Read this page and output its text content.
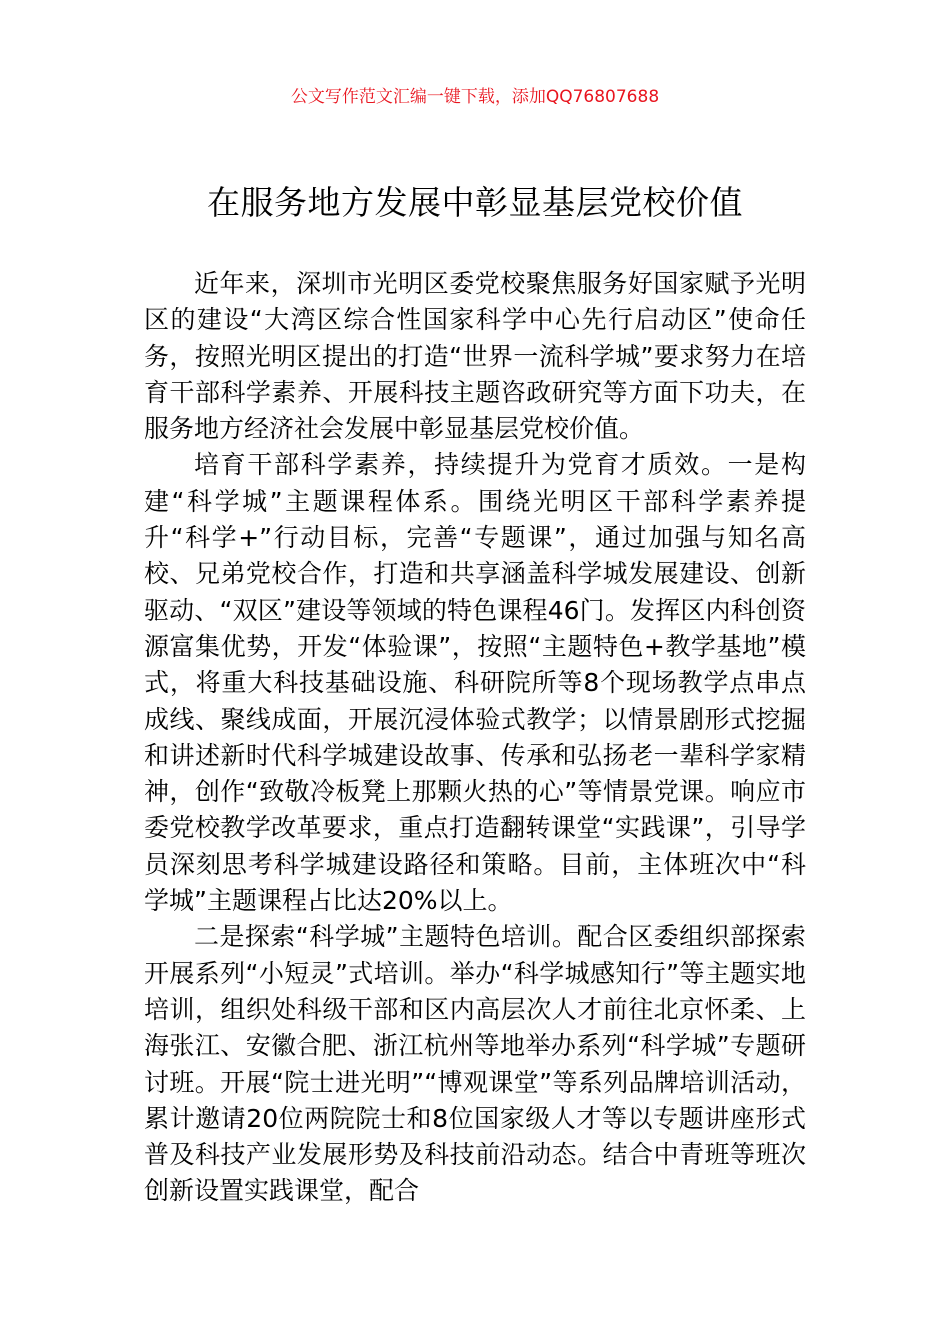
公文写作范文汇编一键下载，添加QQ76807688
在服务地方发展中彰显基层党校价值

近年来，深圳市光明区委党校聚焦服务好国家赋予光明区的建设“大湾区综合性国家科学中心先行启动区”使命任务，按照光明区提出的打造“世界一流科学城”要求努力在培育干部科学素养、开展科技主题咨政研究等方面下功夫，在服务地方经济社会发展中彰显基层党校价值。

培育干部科学素养，持续提升为党育才质效。一是构建“科学城”主题课程体系。围绕光明区干部科学素养提升“科学+”行动目标，完善“专题课”，通过加强与知名高校、兄弟党校合作，打造和共享涵盖科学城发展建设、创新驱动、“双区”建设等领域的特色课程46门。发挥区内科创资源富集优势，开发“体验课”，按照“主题特色+教学基地”模式，将重大科技基础设施、科研院所等8个现场教学点串点成线、聚线成面，开展沉浸体验式教学；以情景剧形式挖掘和讲述新时代科学城建设故事、传承和弘扬老一辈科学家精神，创作“致敬冷板凳上那颗火热的心”等情景党课。响应市委党校教学改革要求，重点打造翻转课堂“实践课”，引导学员深刻思考科学城建设路径和策略。目前，主体班次中“科学城”主题课程占比达20%以上。

二是探索“科学城”主题特色培训。配合区委组织部探索开展系列“小短灵”式培训。举办“科学城感知行”等主题实地培训，组织处科级干部和区内高层次人才前往北京怀柔、上海张江、安徽合肥、浙江杭州等地举办系列“科学城”专题研讨班。开展“院士进光明”“博观课堂”等系列品牌培训活动，累计邀请20位两院院士和8位国家级人才等以专题讲座形式普及科技产业发展形势及科技前沿动态。结合中青班等班次创新设置实践课堂，配合
